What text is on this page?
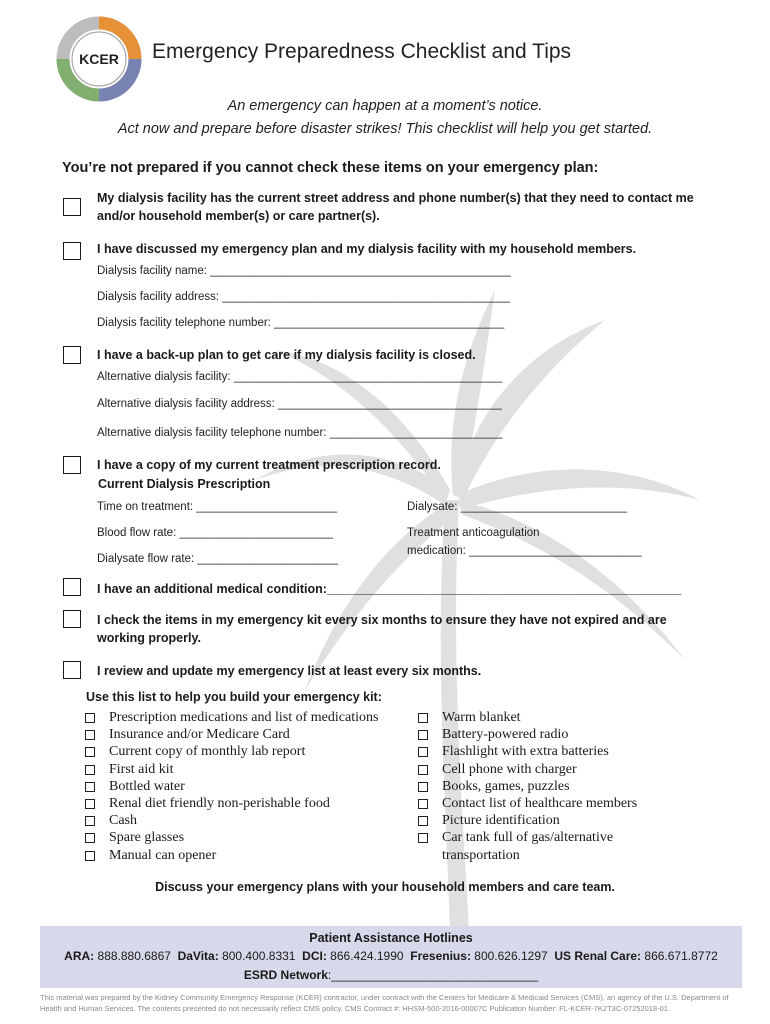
KCER Emergency Preparedness Checklist and Tips
An emergency can happen at a moment’s notice.
Act now and prepare before disaster strikes! This checklist will help you get started.
You’re not prepared if you cannot check these items on your emergency plan:
My dialysis facility has the current street address and phone number(s) that they need to contact me and/or household member(s) or care partner(s).
I have discussed my emergency plan and my dialysis facility with my household members.
Dialysis facility name: _______________________________________________
Dialysis facility address: _____________________________________________
Dialysis facility telephone number: ____________________________________
I have a back-up plan to get care if my dialysis facility is closed.
Alternative dialysis facility: __________________________________________
Alternative dialysis facility address: ___________________________________
Alternative dialysis facility telephone number: ___________________________
I have a copy of my current treatment prescription record.
Current Dialysis Prescription
Time on treatment: ______________________
Blood flow rate: ________________________
Dialysate flow rate: ______________________
Dialysate: __________________________
Treatment anticoagulation
medication: ___________________________
I have an additional medical condition:___________________________________________________
I check the items in my emergency kit every six months to ensure they have not expired and are working properly.
I review and update my emergency list at least every six months.
Use this list to help you build your emergency kit:
Prescription medications and list of medications
Insurance and/or Medicare Card
Current copy of monthly lab report
First aid kit
Bottled water
Renal diet friendly non-perishable food
Cash
Spare glasses
Manual can opener
Warm blanket
Battery-powered radio
Flashlight with extra batteries
Cell phone with charger
Books, games, puzzles
Contact list of healthcare members
Picture identification
Car tank full of gas/alternative
transportation
Discuss your emergency plans with your household members and care team.
Patient Assistance Hotlines
ARA: 888.880.6867 DaVita: 800.400.8331 DCI: 866.424.1990 Fresenius: 800.626.1297 US Renal Care: 866.671.8772
ESRD Network:_______________________________
This material was prepared by the Kidney Community Emergency Response (KCER) contractor, under contract with the Centers for Medicare & Medicaid Services (CMS), an agency of the U.S. Department of Health and Human Services. The contents presented do not necessarily reflect CMS policy. CMS Contract #: HHSM-500-2016-00007C Publication Number: FL-KCER-7K2T3C-07252018-01.
